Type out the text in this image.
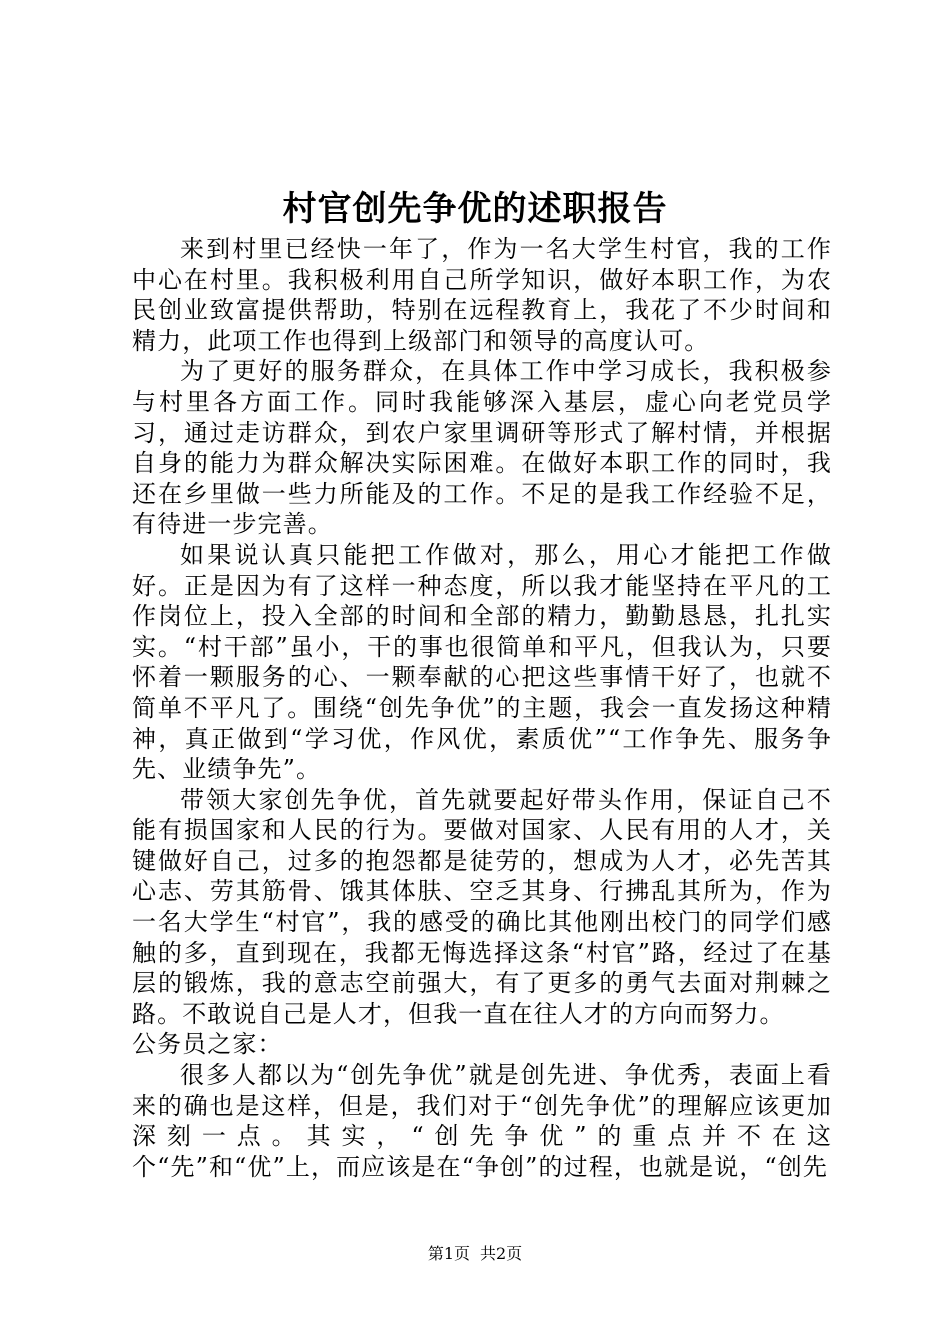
村官创先争优的述职报告

来到村里已经快一年了，作为一名大学生村官，我的工作中心在村里。我积极利用自己所学知识，做好本职工作，为农民创业致富提供帮助，特别在远程教育上，我花了不少时间和精力，此项工作也得到上级部门和领导的高度认可。

为了更好的服务群众，在具体工作中学习成长，我积极参与村里各方面工作。同时我能够深入基层，虚心向老党员学习，通过走访群众，到农户家里调研等形式了解村情，并根据自身的能力为群众解决实际困难。在做好本职工作的同时，我还在乡里做一些力所能及的工作。不足的是我工作经验不足，有待进一步完善。

如果说认真只能把工作做对，那么，用心才能把工作做好。正是因为有了这样一种态度，所以我才能坚持在平凡的工作岗位上，投入全部的时间和全部的精力，勤勤恳恳，扎扎实实。“村干部”虽小，干的事也很简单和平凡，但我认为，只要怀着一颗服务的心、一颗奉献的心把这些事情干好了，也就不简单不平凡了。围绕“创先争优”的主题，我会一直发扬这种精神，真正做到“学习优，作风优，素质优”“工作争先、服务争先、业绩争先”。

带领大家创先争优，首先就要起好带头作用，保证自己不能有损国家和人民的行为。要做对国家、人民有用的人才，关键做好自己，过多的抱怨都是徒劳的，想成为人才，必先苦其心志、劳其筋骨、饿其体肤、空乏其身、行拂乱其所为，作为一名大学生“村官”，我的感受的确比其他刚出校门的同学们感触的多，直到现在，我都无悔选择这条“村官”路，经过了在基层的锻炼，我的意志空前强大，有了更多的勇气去面对荆棘之路。不敢说自己是人才，但我一直在往人才的方向而努力。

公务员之家：

很多人都以为“创先争优”就是创先进、争优秀，表面上看来的确也是这样，但是，我们对于“创先争优”的理解应该更加深刻一点。其实，“创先争优”的重点并不在这个“先”和“优”上，而应该是在“争创”的过程，也就是说，“创先

第1页 共2页
